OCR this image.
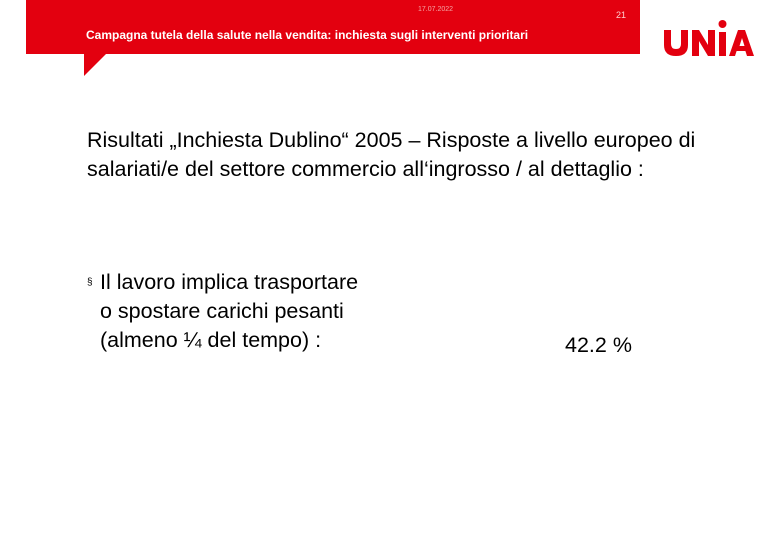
17.07.2022
21
Campagna tutela della salute nella vendita: inchiesta sugli interventi prioritari
Risultati „Inchiesta Dublino“ 2005 – Risposte a livello europeo di salariati/e del settore commercio all‘ingrosso / al dettaglio :
§ Il lavoro implica trasportare
o spostare carichi pesanti
(almeno ¼ del tempo) :	42.2 %
